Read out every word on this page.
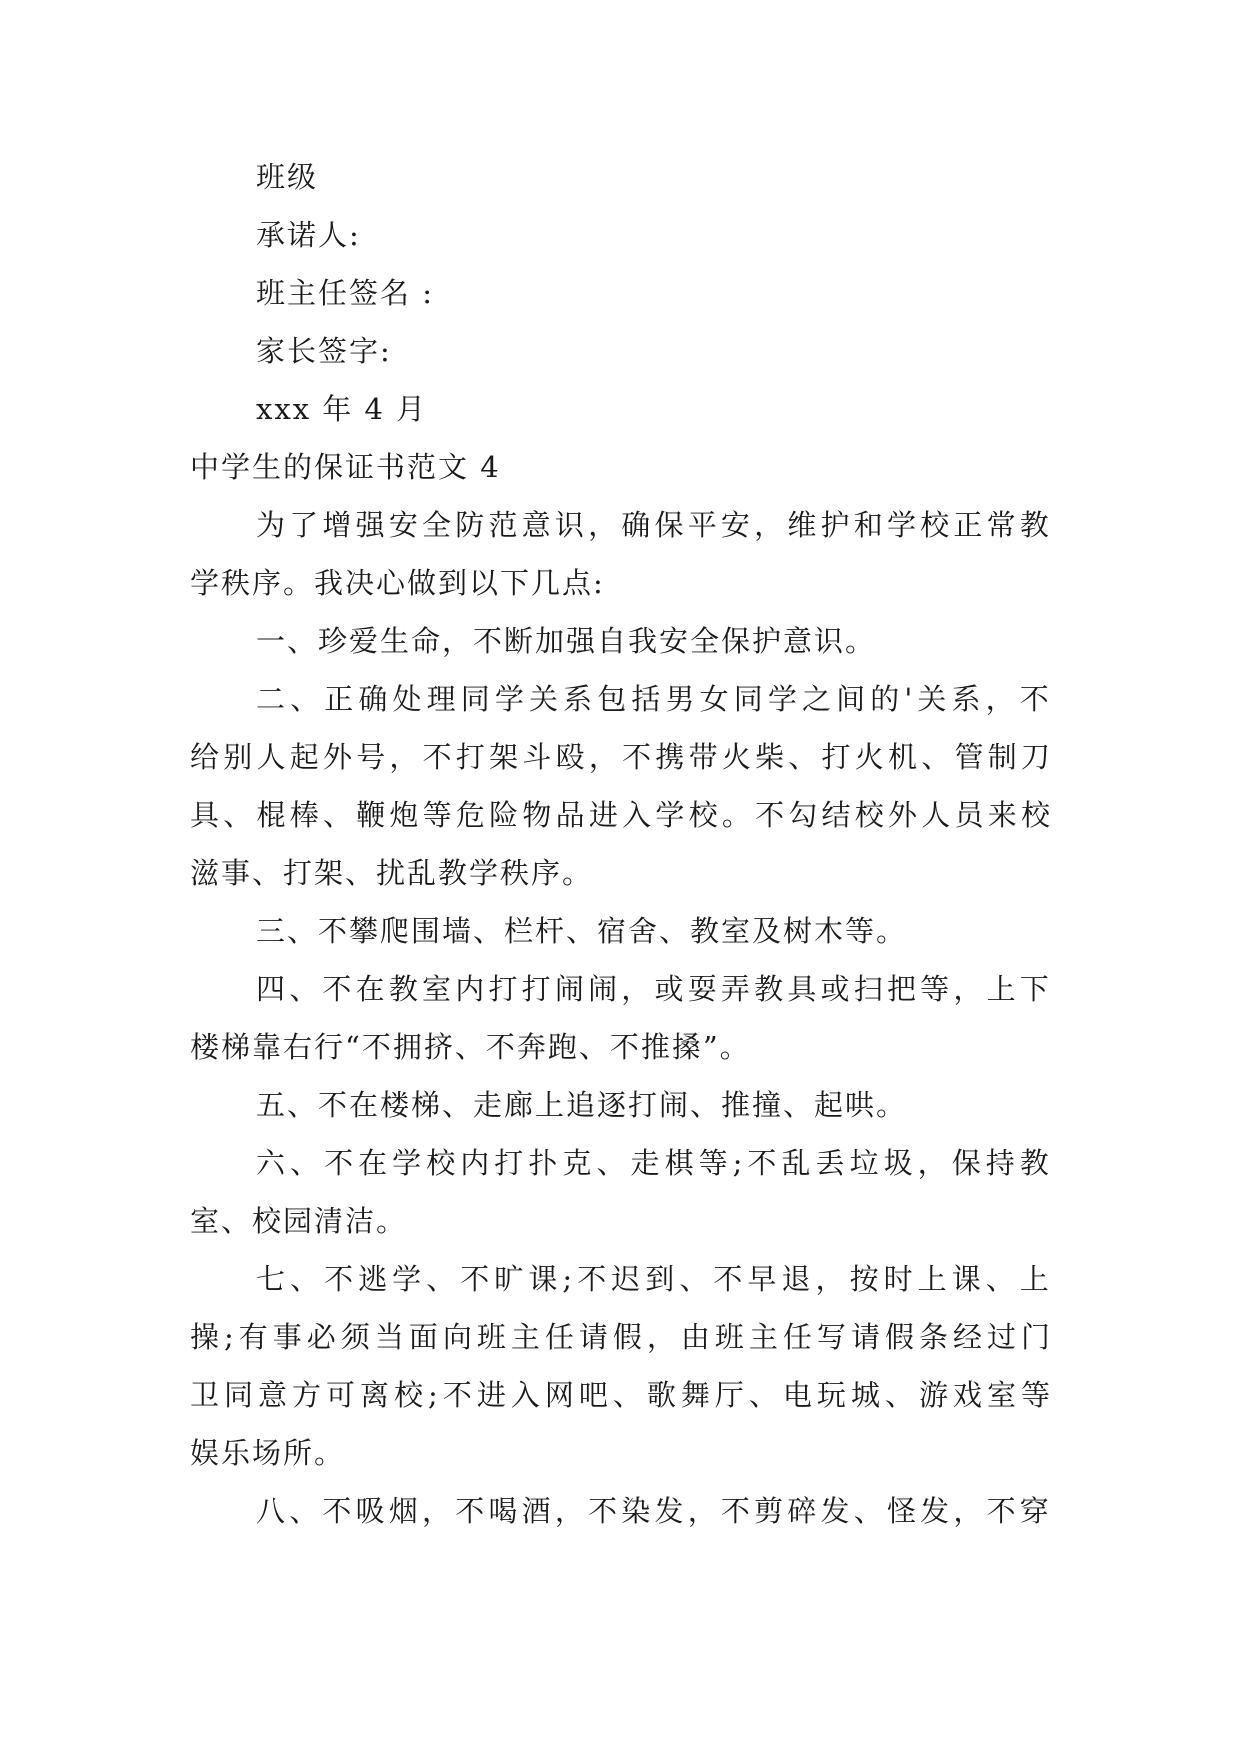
班级
承诺人:
班主任签名 :
家长签字:
xxx 年 4 月
中学生的保证书范文 4
为了增强安全防范意识，确保平安，维护和学校正常教
学秩序。我决心做到以下几点:
一、珍爱生命，不断加强自我安全保护意识。
二、正确处理同学关系包括男女同学之间的'关系，不
给别人起外号，不打架斗殴，不携带火柴、打火机、管制刀
具、棍棒、鞭炮等危险物品进入学校。不勾结校外人员来校
滋事、打架、扰乱教学秩序。
三、不攀爬围墙、栏杆、宿舍、教室及树木等。
四、不在教室内打打闹闹，或耍弄教具或扫把等，上下
楼梯靠右行“不拥挤、不奔跑、不推搡”。
五、不在楼梯、走廊上追逐打闹、推撞、起哄。
六、不在学校内打扑克、走棋等;不乱丢垃圾，保持教
室、校园清洁。
七、不逃学、不旷课;不迟到、不早退，按时上课、上
操;有事必须当面向班主任请假，由班主任写请假条经过门
卫同意方可离校;不进入网吧、歌舞厅、电玩城、游戏室等
娱乐场所。
八、不吸烟，不喝酒，不染发，不剪碎发、怪发，不穿
